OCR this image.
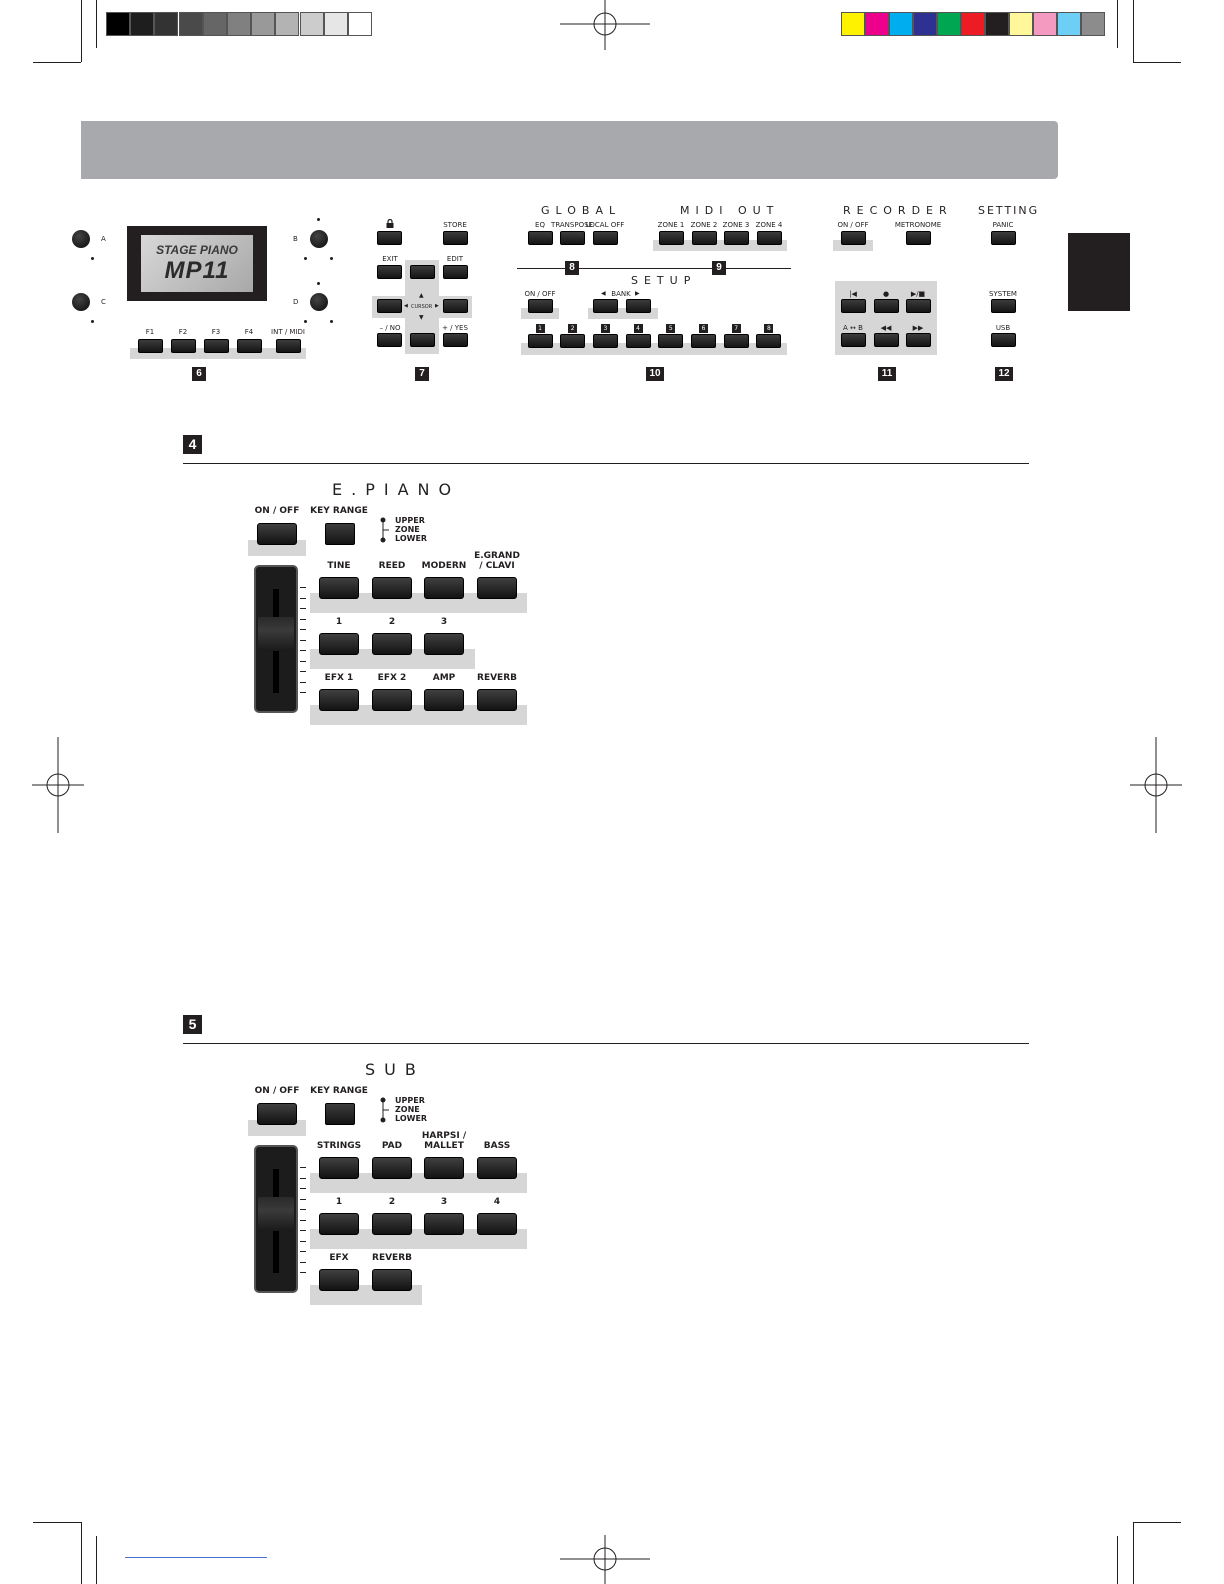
STAGE PIANO
MP11
A	B
C	D
F1	F2	F3	F4	INT / MIDI
6
STORE
EXIT	EDIT
▲
▼
◀	▶
CURSOR
– / NO	+ / YES
7
GLOBAL
EQ TRANSPOSE
LOCAL OFF
MIDI OUT
ZONE 1 ZONE 2 ZONE 3 ZONE 4
8	9
SETUP
ON / OFF	◀ BANK ▶
1	2	3	4	5	6	7	8
10
RECORDER
ON / OFF	METRONOME
|◀	●	▶/■
A ↔ B	◀◀	▶▶
11
SETTING
PANIC
SYSTEM
USB
12
4
E.PIANO
ON / OFF KEY RANGE
UPPER
ZONE
LOWER
TINE	REED MODERN
E.GRAND / CLAVI
1	2	3
EFX 1	EFX 2	AMP REVERB
5
SUB
ON / OFF KEY RANGE
UPPER
ZONE
LOWER
STRINGS PAD
HARPSI / MALLET	BASS
1	2	3	4
EFX	REVERB
